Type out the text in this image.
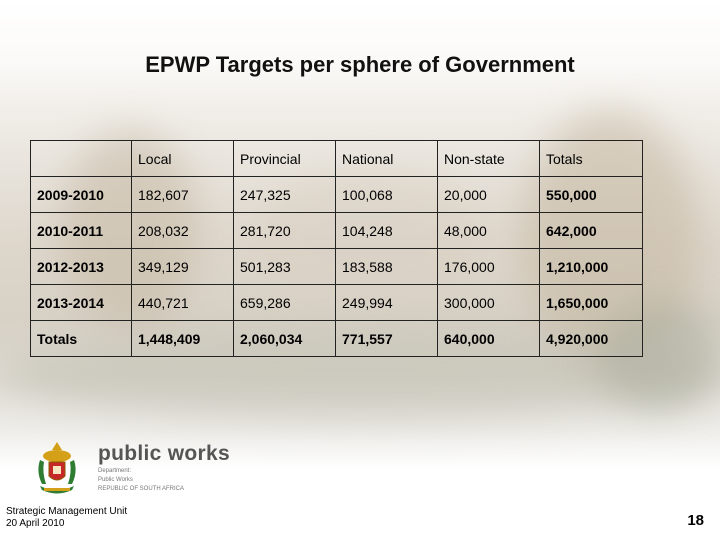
EPWP Targets per sphere of Government
	Local	Provincial	National	Non-state	Totals
2009-2010	182,607	247,325	100,068	20,000	550,000
2010-2011	208,032	281,720	104,248	48,000	642,000
2012-2013	349,129	501,283	183,588	176,000	1,210,000
2013-2014	440,721	659,286	249,994	300,000	1,650,000
Totals	1,448,409	2,060,034	771,557	640,000	4,920,000
public works
Department:
Public Works
REPUBLIC OF SOUTH AFRICA
Strategic Management Unit
20 April 2010	18
